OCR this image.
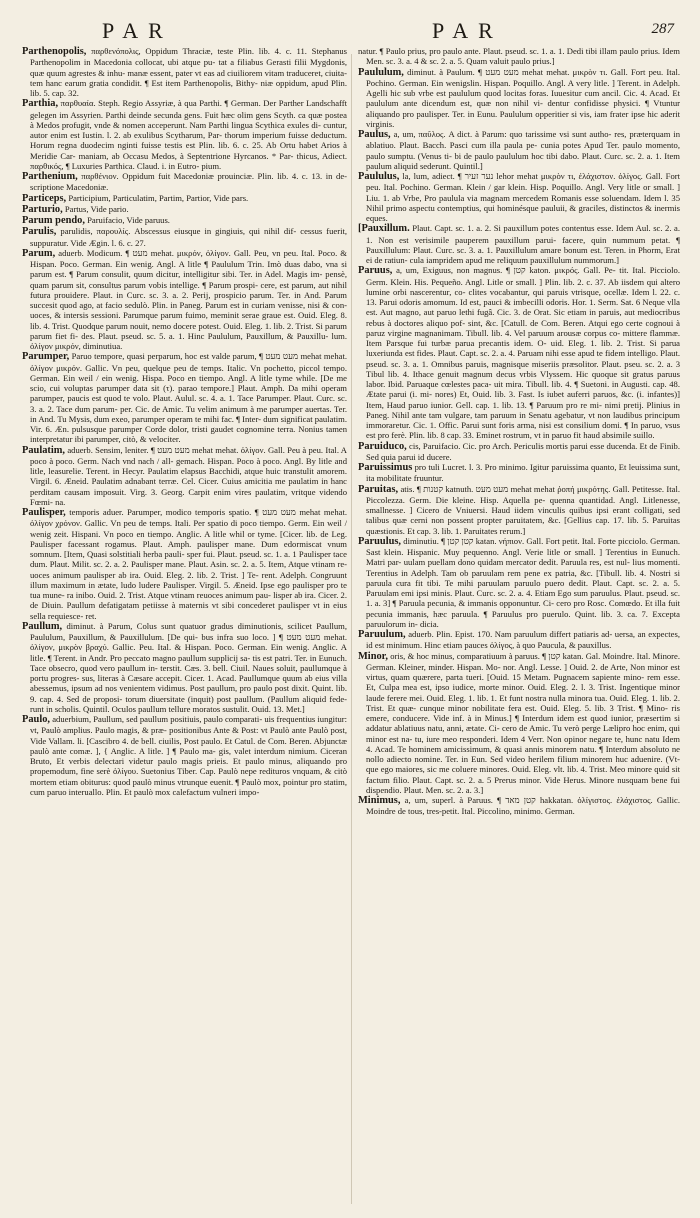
PAR	PAR	287

Parthenopolis, παρθενόπολις, Oppidum Thraciæ, teste Plin. lib. 4. c. 11. Stephanus Parthenopolim in Macedonia collocat, ubi atque pu- tat a filiabus Gerasti filii Mygdonis, quæ quum agrestes & inhu- manæ essent, pater vt eas ad ciuiliorem vitam traduceret, ciuita- tem hanc earum gratia condidit. ¶ Est item Parthenopolis, Bithy- niæ oppidum, apud Plin. lib. 5. cap. 32.

Parthia, παρθυαία. Steph. Regio Assyriæ, à qua Parthi. ¶ German. Der Parther Landschafft gelegen im Assyrien. Parthi deinde secunda gens. Fuit hæc olim gens Scyth. ca quæ postea à Medos profugit, vnde & nomen acceperunt. Nam Parthi lingua Scythica exules di- cuntur, autor enim est Iustin. l. 2. ab exulibus Scytharum, Par- thorum imperium fuisse deductum. Horum regna duodecim nginti fuisse testis est Plin. lib. 6. c. 25. Ab Ortu habet Arios à Meridie Car- maniam, ab Occasu Medos, à Septentrione Hyrcanos. * Par- thicus, Adiect. παρθικός, ¶ Luxuries Parthica. Claud. i. in Eutro- pium.

Parthenium, παρθένιον. Oppidum fuit Macedoniæ prouinciæ. Plin. lib. 4. c. 13. in de- scriptione Macedoniæ.

Particeps, Participium, Particulatim, Partim, Partior, Vide pars.

Parturio, Partus, Vide pario.

Parum pendo, Paruifacio, Vide paruus.

Parulis, parulidis, παρουλίς. Abscessus eiusque in gingiuis, qui nihil dif- cessus fuerit, suppuratur. Vide Ægin. l. 6. c. 27.

Parum, aduerb. Modicum. ¶ מעט mehat. μικρόν, ὀλίγον. Gall. Peu, vn peu. Ital. Poco. & Hispan. Poco. German. Ein wenig. Angl. A litle ¶ Paululum Trin. Imò duas dabo, vna si parum est. ¶ Parum consulit, quum dicitur, intelligitur sibi. Ter. in Adel. Magis im- pensè, quam parum sit, consultus parum vobis intellige. ¶ Parum prospi- cere, est parum, aut nihil futura prouidere. Plaut. in Curc. sc. 3. a. 2. Perij, prospicio parum. Ter. in And. Parum succesit quod ago, at facio sedulò. Plin. in Paneg. Parum est in curiam venisse, nisi & con- uoces, & intersis sessioni. Parumque parum fuimo, meminit serae graue est. Ouid. Eleg. 8. lib. 4. Trist. Quodque parum nouit, nemo docere potest. Ouid. Eleg. 1. lib. 2. Trist. Si parum parum fiet fi- des. Plaut. pseud. sc. 5. a. 1. Hinc Paululum, Pauxillum, & Pauxillu- lum. ὀλίγον μικρόν, diminutiua.

Parumper, Paruo tempore, quasi perparum, hoc est valde parum, ¶ מעט מעט mehat mehat. ὀλίγον μικρόν. Gallic. Vn peu, quelque peu de temps. Italic. Vn pochetto, piccol tempo. German. Ein weil / ein wenig. Hispa. Poco en tiempo. Angl. A litle tyme while. [De me scio, cui voluptas parumper data sit (τ). parao tempore.] Plaut. Amph. Da mihi operam parumper, paucis est quod te volo. Plaut. Aulul. sc. 4. a. 1. Tace Parumper. Plaut. Curc. sc. 3. a. 2. Tace dum parum- per. Cic. de Amic. Tu velim animum à me parumper auertas. Ter. in And. Tu Mysis, dum exeo, parumper operam te mihi fac. ¶ Inter- dum significat paulatim. Vir. 6. Æn. pulsusque parumper Corde dolor, tristi gaudet cognomine terra. Nonius tamen interpretatur ibi parumper, citò, & velociter.

Paulatim, aduerb. Sensim, leniter. ¶ מעט מעט mehat mehat. ὀλίγον. Gall. Peu à peu. Ital. A poco à poco. Germ. Nach vnd nach / all- gemach. Hispan. Poco à poco. Angl. By litle and litle, leasurelie. Terent. in Hecyr. Paulatim elapsus Bacchidi, atque huic transtulit amorem. Virgil. 6. Æneid. Paulatim adnabant terræ. Cel. Cicer. Cuius amicitia me paulatim in hanc perditam causam imposuit. Virg. 3. Georg. Carpit enim vires paulatim, vritque videndo Fœmi- na.

Paulisper, temporis aduer. Parumper, modico temporis spatio. ¶ מעט מעט mehat mehat. ὀλίγον χρόνον. Gallic. Vn peu de temps. Itali. Per spatio di poco tiempo. Germ. Ein weil / wenig zeit. Hispani. Vn poco en tiempo. Anglic. A litle whil or tyme. [Cicer. lib. de Leg. Paulisper facessant rogamus. Plaut. Amph. paulisper mane. Dum edormiscat vnum somnum. [Item, Quasi solstitiali herba pauli- sper fui. Plaut. pseud. sc. 1. a. 1 Paulisper tace dum. Plaut. Milit. sc. 2. a. 2. Paulisper mane. Plaut. Asin. sc. 2. a. 5. Item, Atque vtinam re- uoces animum paulisper ab ira. Ouid. Eleg. 2. lib. 2. Trist. ] Te- rent. Adelph. Congruunt illum maximum in ætate, ludo ludere Paulisper. Virgil. 5. Æneid. Ipse ego paulisper pro te tua mune- ra inibo. Ouid. 2. Trist. Atque vtinam reuoces animum pau- lisper ab ira. Cicer. 2. de Diuin. Paullum defatigatam petiisse à maternis vt sibi concederet paulisper vt in eius sella requiesce- ret.

Paullum, diminut. à Parum, Colus sunt quatuor gradus diminutionis, scilicet Paullum, Paululum, Pauxillum, & Pauxillulum. [De qui- bus infra suo loco. ] ¶ מעט מעט mehat. ὀλίγον, μικρὸν βραχύ. Gallic. Peu. Ital. & Hispan. Poco. German. Ein wenig. Anglic. A litle. ¶ Terent. in Andr. Pro peccato magno paullum supplicij sa- tis est patri. Ter. in Eunuch. Tace obsecro, quod vero paullum in- terstit. Cæs. 3. bell. Ciuil. Naues soluit, paullumque à portu progres- sus, literas à Cæsare accepit. Cicer. 1. Acad. Paullumque quum ab eius villa abessemus, ipsum ad nos venientem vidimus. Post paullum, pro paulo post dixit. Quint. lib. 9. cap. 4. Sed de proposi- torum diuersitate (inquit) post paullum. (Paullum aliquid fede- runt in scholis. Quintil. Oculos paullum tellure moratos sustulit. Ouid. 13. Met.]

Paulo, aduerbium, Paullum, sed paullum positiuis, paulo comparati- uis frequentius iungitur: vt, Paulò amplius. Paulo magis, & præ- positionibus Ante & Post: vt Paulò ante Paulò post, Vide Vallam. li. [Cascibro 4. de bell. ciuilis, Post paulo. Et Catul. de Com. Beren. Abjunctæ paulò ante comæ. ], { Anglic. A litle. ] ¶ Paulo ma- gis, valet interdum nimium. Ciceran Bruto, Et verbis delectari videtur paulo magis prieis. Et paulo minus, aliquando pro propemodum, fine serè ὀλίγου. Suetonius Tiber. Cap. Paulò nepe redituros vnquam, & citò mortem etiam obiturus: quod paulò minus vtrunque euenit. ¶ Paulò mox, pointur pro statim, cum paruo interuallo. Plin. Et paulò mox calefactum vulneri impo-

natur. ¶ Paulo prius, pro paulo ante. Plaut. pseud. sc. 1. a. 1. Dedi tibi illam paulo prius. Idem Men. sc. 3. a. 4 & sc. 2. a. 5. Quam valuit paulo prius.]

Paululum, diminut. à Paulum. ¶ מעט מעט mehat mehat. μικρὸν τι. Gall. Fort peu. Ital. Pochino. German. Ein wenigslin. Hispan. Poquillo. Angl. A very litle. ] Terent. in Adelph. Agelli hic sub vrbe est paululum quod locitas foras. Iuuesitur cum ancil. Cic. 4. Acad. Et paululum ante dicendum est, quæ non nihil vi- dentur confidisse physici. ¶ Vtuntur aliquando pro paulisper. Ter. in Eunu. Paululum opperitier si vis, iam frater ipse hic aderit virginis.

Paulus, a, um, παῦλος. A dict. à Parum: quo tarissime vsi sunt autho- res, præterquam in ablatiuo. Plaut. Bacch. Pasci cum illa paula pe- cunia potes Apud Ter. paulo momento, paulo sumptu. (Venus ti- bi de paulo paululum hoc tibi dabo. Plaut. Curc. sc. 2. a. 1. Item paulum aliquid sederunt. Quintil.]

Paululus, la, lum, adiect. ¶ נער זעיר lehor mehat μικρὸν τι, ἐλάχιστον. ὀλίγος. Gall. Fort peu. Ital. Pochino. German. Klein / gar klein. Hisp. Poquillo. Angl. Very litle or small. ] Liu. 1. ab Vrbe, Pro paulula via magnam mercedem Romanis esse soluendam. Idem l. 35 Nihil primo aspectu contemptius, qui hominésque pauluii, & graciles, distinctos & inermis eques.

[Pauxillum. Plaut. Capt. sc. 1. a. 2. Si pauxillum potes contentus esse. Idem Aul. sc. 2. a. 1. Non est verisimile pauperem pauxillum parui- facere, quin nummum petat. ¶ Pauxillulum: Plaut. Curc. sc. 3. a. 1. Pauxillulum amare bonum est. Teren. in Phorm, Erat ei de ratiun- cula iampridem apud me reliquum pauxillulum nummorum.]

Paruus, a, um, Exiguus, non magnus. ¶ קטן katon. μικρός. Gall. Pe- tit. Ital. Picciolo. Germ. Klein. His. Pequeño. Angl. Litle or small. ] Plin. lib. 2. c. 37. Ab iisdem qui altero lumine orbi nascerentur, co- clites vocabantur, qui paruis vtrisque, ocellæ. Idem l. 22. c. 13. Parui odoris amomum. Id est, pauci & imbecilli odoris. Hor. 1. Serm. Sat. 6 Neque vlla est. Aut magno, aut paruo lethi fugâ. Cic. 3. de Orat. Sic etiam in paruis, aut mediocribus rebus à doctores aliquo pof- sint, &c. [Catull. de Com. Beren. Atqui ego certe cognoui à paruz virgine magnanimam. Tibull. lib. 4. Vel paruum arousæ corpus co- mittere flammæ. Item Parsque fui turbæ parua precantis idem. O- uid. Eleg. 1. lib. 2. Trist. Si parua luxeriunda est fides. Plaut. Capt. sc. 2. a. 4. Paruam nihi esse apud te fidem intelligo. Plaut. pseud. sc. 3. a. 1. Omnibus paruis, magnisque miseriis præsolitor. Plaut. pseu. sc. 2. a. 3 Tibul lib. 4. Ithace genuit magnum decus vrbis Vlyssem. Hic quoque sit gratus paruus labor. Ibid. Paruaque cœlestes paca- uit mira. Tibull. lib. 4. ¶ Suetoni. in Augusti. cap. 48. Ætate parui (i. mi- nores) Et, Ouid. lib. 3. Fast. Is iubet auferri paruos, &c. (i. infantes)] Item, Haud paruo iunior. Gell. cap. 1. lib. 13. ¶ Paruum pro re mi- nimi pretij. Plinius in Paneg. Nihil ante tam vulgare, tam paruum in Senatu agebatur, vt non laudibus principum immoraretur. Cic. 1. Offic. Parui sunt foris arma, nisi est consilium domi. ¶ In paruo, vsus est pro ferè. Plin. lib. 8 cap. 33. Eminet rostrum, vt in paruo fit haud absimile suillo.

Paruiduco, cis, Paruifacio. Cic. pro Arch. Periculis mortis parui esse ducenda. Et de Finib. Sed quia parui id ducere.

Paruissimus pro tuli Lucret. l. 3. Pro minimo. Igitur paruissima quanto, Et leuissima sunt, ita mobilitate fruuntur.

Paruitas, atis. ¶ קטנות katnuth. מעט מעט mehat mehat ῥοπή μικρότης. Gall. Petitesse. Ital. Piccolezza. Germ. Die kleine. Hisp. Aquella pe- quenna quantidad. Angl. Litlenesse, smallnesse. ] Cicero de Vniuersi. Haud iidem vinculis quibus ipsi erant colligati, sed talibus quæ cerni non possent propter paruitatem, &c. [Gellius cap. 17. lib. 5. Paruitas quæstionis. Et cap. 3. lib. 1. Paruitates rerum.]

Paruulus, diminutiu. ¶ קטן קטן katan. νήπιον. Gall. Fort petit. Ital. Forte picciolo. German. Sast klein. Hispanic. Muy pequenno. Angl. Verie litle or small. ] Terentius in Eunuch. Matri par- uulam puellam dono quidam mercator dedit. Paruula res, est nul- lius momenti. Terentius in Adelph. Tam ob paruulam rem pene ex patria, &c. [Tibull. lib. 4. Nostri si paruula cura fit tibi. Te mihi paruulam paruulo puero dedit. Plaut. Capt. sc. 2. a. 5. Paruulam emi ipsi minis. Plaut. Curc. sc. 2. a. 4. Etiam Ego sum paruulus. Plaut. pseud. sc. 1. a. 3] ¶ Paruula pecunia, & immanis opponuntur. Ci- cero pro Rosc. Comœdo. Et illa fuit pecunia immanis, hæc paruula. ¶ Paruulus pro puerulo. Quint. lib. 3. ca. 7. Excepta paruulorum in- dicia.

Paruulum, aduerb. Plin. Epist. 170. Nam paruulum differt patiaris ad- uersa, an expectes, id est minimum. Hinc etiam pauces ὀλίγος, à quo Paucula, & pauxillus.

Minor, oris, & hoc minus, comparatiuum à paruus. ¶ קטן katan. Gal. Moindre. Ital. Minore. German. Kleiner, minder. Hispan. Mo- nor. Angl. Lesse. ] Ouid. 2. de Arte, Non minor est virtus, quam quærere, parta tueri. [Ouid. 15 Metam. Pugnacem sapiente mino- rem esse. Et, Culpa mea est, ipso iudice, morte minor. Ouid. Eleg. 2. l. 3. Trist. Ingentique minor laude ferere mei. Ouid. Eleg. 1. lib. 1. Et funt nostra nulla minora tua. Ouid. Eleg. 1. lib. 2. Trist. Et quæ- cunque minor nobilitate fera est. Ouid. Eleg. 5. lib. 3 Trist. ¶ Mino- ris emere, conducere. Vide inf. à in Minus.] ¶ Interdum idem est quod iunior, præsertim si addatur ablatiuus natu, anni, ætate. Ci- cero de Amic. Tu verò perge Lælipro hoc enim, qui minor est na- tu, iure meo responderi. Idem 4 Verr. Non opinor negare te, hunc natu Idem 4. Acad. Te hominem amicissimum, & quasi annis minorem natu. ¶ Interdum absoluto ne nollo adiecto nomine. Ter. in Eun. Sed video herilem filium minorem huc aduenire. (Vt- que ego maiores, sic me coluere minores. Ouid. Eleg. vlt. lib. 4. Trist. Meo minore quid sit factum filio. Plaut. Capt. sc. 2. a. 5 Prerus minor. Vide Herus. Minore nusquam bene fui dispendio. Plaut. Men. sc. 2. a. 3.]

Minimus, a, um, superl. à Paruus. ¶ קטן מאד hakkatan. ὀλίγιστος. ἐλάχιστος. Gallic. Moindre de tous, tres-petit. Ital. Piccolino, minimo. German.
